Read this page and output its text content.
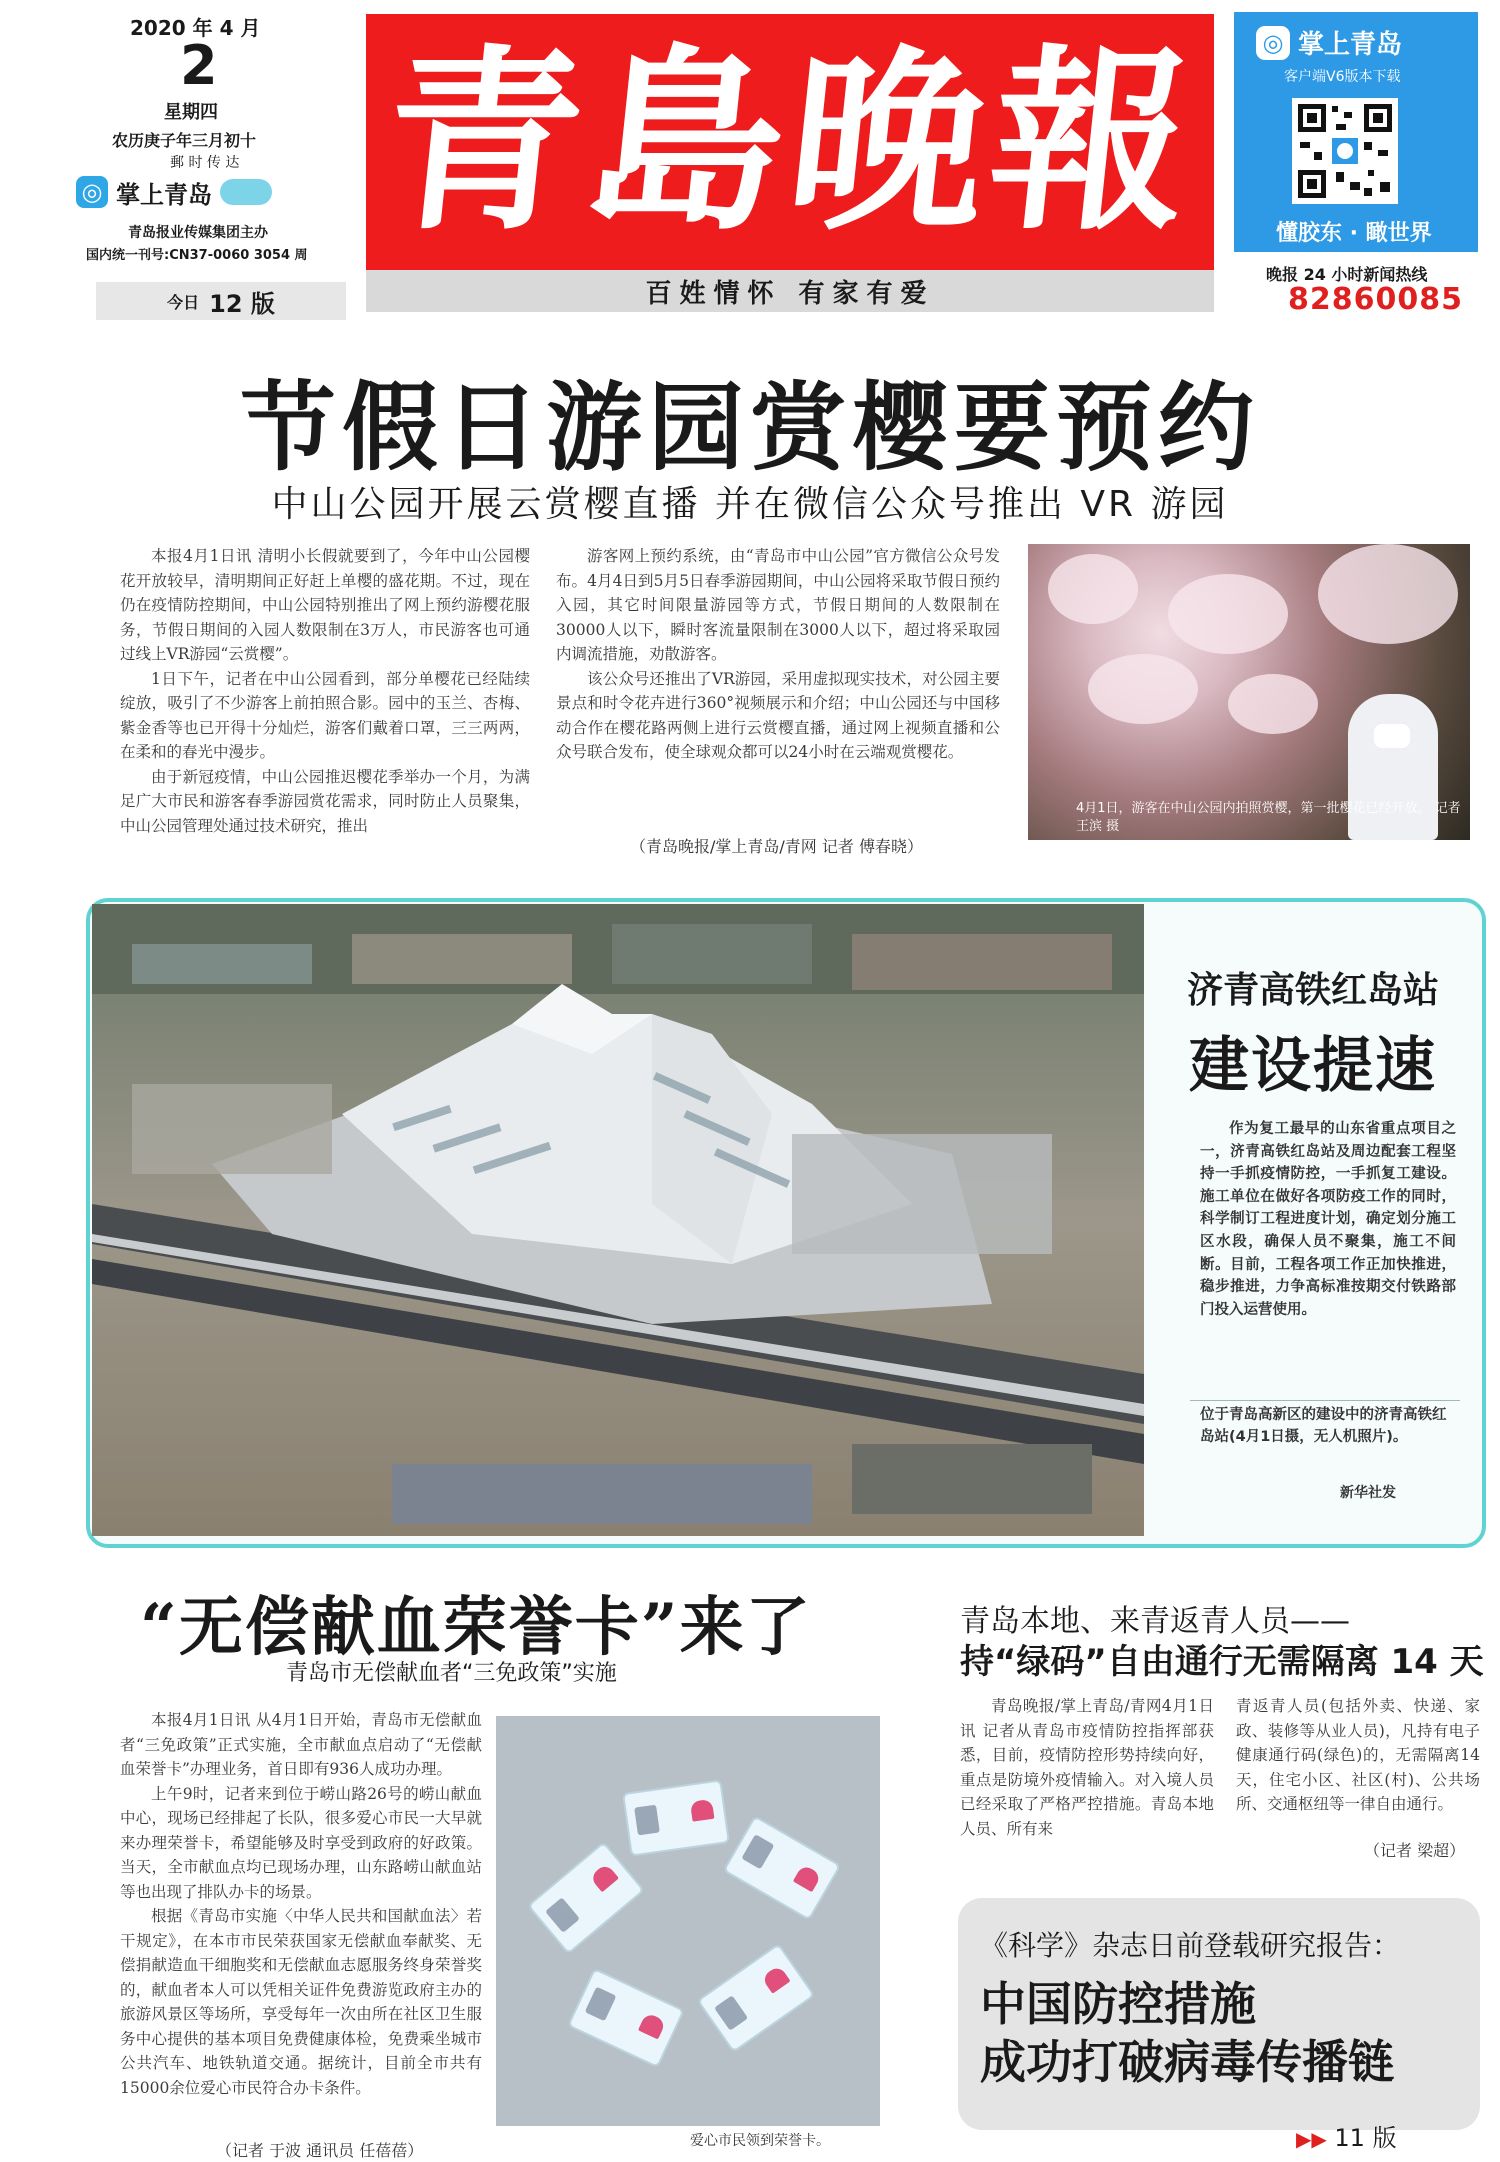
2020 年 4 月
2
星期四
农历庚子年三月初十
郵 时 传 达
◎ 掌上青岛
青岛报业传媒集团主办
国内统一刊号:CN37-0060 3054 周
今日 12 版
青島晚報
百姓情怀 有家有爱
◎ 掌上青岛
客户端V6版本下载
懂胶东 · 瞰世界
晚报 24 小时新闻热线
82860085
节假日游园赏樱要预约
中山公园开展云赏樱直播 并在微信公众号推出 VR 游园

本报4月1日讯 清明小长假就要到了，今年中山公园樱花开放较早，清明期间正好赶上单樱的盛花期。不过，现在仍在疫情防控期间，中山公园特别推出了网上预约游樱花服务，节假日期间的入园人数限制在3万人，市民游客也可通过线上VR游园“云赏樱”。

1日下午，记者在中山公园看到，部分单樱花已经陆续绽放，吸引了不少游客上前拍照合影。园中的玉兰、杏梅、紫金香等也已开得十分灿烂，游客们戴着口罩，三三两两，在柔和的春光中漫步。

由于新冠疫情，中山公园推迟樱花季举办一个月，为满足广大市民和游客春季游园赏花需求，同时防止人员聚集，中山公园管理处通过技术研究，推出

游客网上预约系统，由“青岛市中山公园”官方微信公众号发布。4月4日到5月5日春季游园期间，中山公园将采取节假日预约入园，其它时间限量游园等方式，节假日期间的人数限制在30000人以下，瞬时客流量限制在3000人以下，超过将采取园内调流措施，劝散游客。

该公众号还推出了VR游园，采用虚拟现实技术，对公园主要景点和时令花卉进行360°视频展示和介绍；中山公园还与中国移动合作在樱花路两侧上进行云赏樱直播，通过网上视频直播和公众号联合发布，使全球观众都可以24小时在云端观赏樱花。

（青岛晚报/掌上青岛/青网 记者 傅春晓）
4月1日，游客在中山公园内拍照赏樱，第一批樱花已经开放。 记者 王滨 摄
济青高铁红岛站
建设提速

作为复工最早的山东省重点项目之一，济青高铁红岛站及周边配套工程坚持一手抓疫情防控，一手抓复工建设。施工单位在做好各项防疫工作的同时，科学制订工程进度计划，确定划分施工区水段，确保人员不聚集，施工不间断。目前，工程各项工作正加快推进，稳步推进，力争高标准按期交付铁路部门投入运营使用。

位于青岛高新区的建设中的济青高铁红岛站(4月1日摄，无人机照片)。
新华社发
“无偿献血荣誉卡”来了
青岛市无偿献血者“三免政策”实施

本报4月1日讯 从4月1日开始，青岛市无偿献血者“三免政策”正式实施，全市献血点启动了“无偿献血荣誉卡”办理业务，首日即有936人成功办理。

上午9时，记者来到位于崂山路26号的崂山献血中心，现场已经排起了长队，很多爱心市民一大早就来办理荣誉卡，希望能够及时享受到政府的好政策。当天，全市献血点均已现场办理，山东路崂山献血站等也出现了排队办卡的场景。

根据《青岛市实施〈中华人民共和国献血法〉若干规定》，在本市市民荣获国家无偿献血奉献奖、无偿捐献造血干细胞奖和无偿献血志愿服务终身荣誉奖的，献血者本人可以凭相关证件免费游览政府主办的旅游风景区等场所，享受每年一次由所在社区卫生服务中心提供的基本项目免费健康体检，免费乘坐城市公共汽车、地铁轨道交通。据统计，目前全市共有15000余位爱心市民符合办卡条件。

爱心市民领到荣誉卡。
（记者 于波 通讯员 任蓓蓓）
青岛本地、来青返青人员——
持“绿码”自由通行无需隔离 14 天

青岛晚报/掌上青岛/青网4月1日讯 记者从青岛市疫情防控指挥部获悉，目前，疫情防控形势持续向好，重点是防境外疫情输入。对入境人员已经采取了严格严控措施。青岛本地人员、所有来

青返青人员(包括外卖、快递、家政、装修等从业人员)，凡持有电子健康通行码(绿色)的，无需隔离14天，住宅小区、社区(村)、公共场所、交通枢纽等一律自由通行。

（记者 梁超）
《科学》杂志日前登载研究报告：
中国防控措施
成功打破病毒传播链
▶▶ 11 版
